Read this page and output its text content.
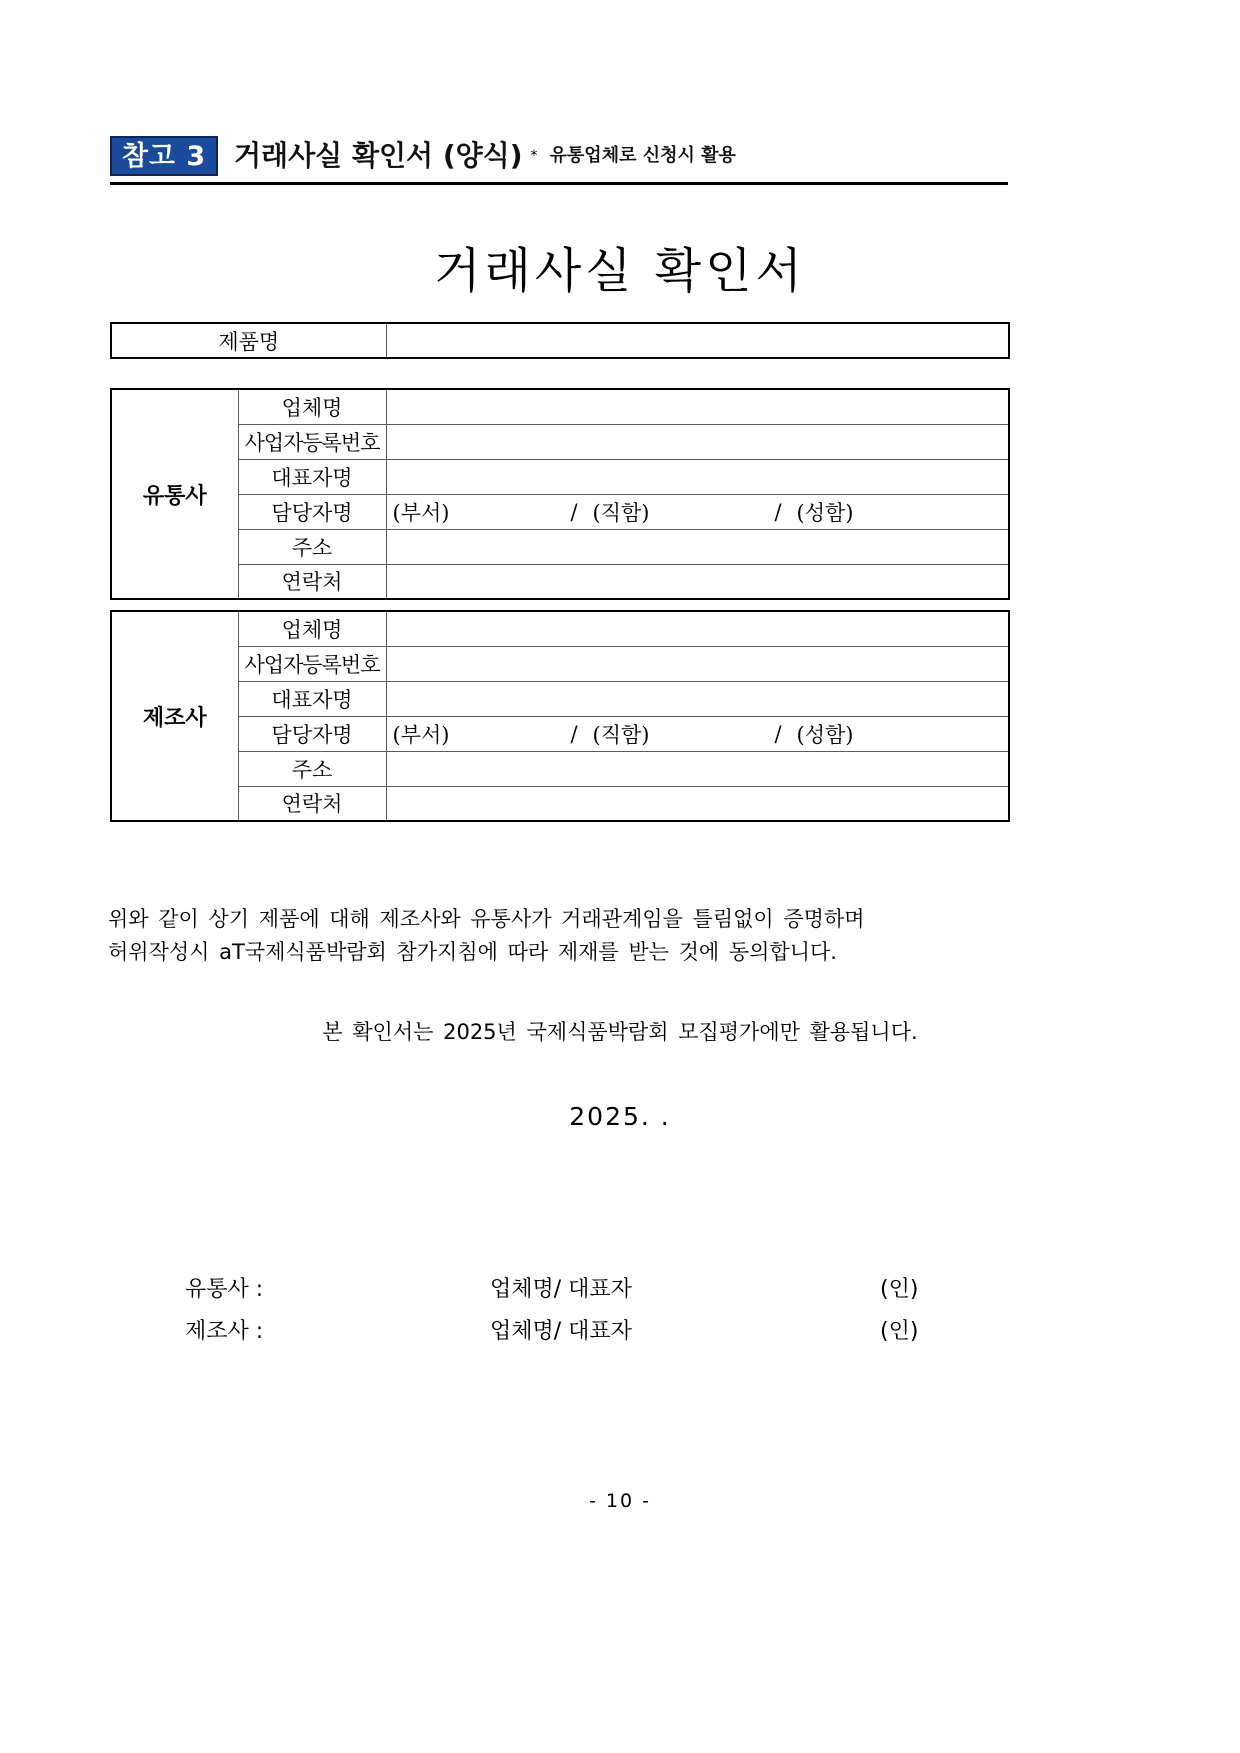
참고 3 거래사실 확인서 (양식) * 유통업체로 신청시 활용
거래사실 확인서
제품명	
유통사	업체명	
	사업자등록번호	
	대표자명	
	담당자명	(부서) / (직함) / (성함)

	주소	
	연락처	
제조사	업체명	
	사업자등록번호	
	대표자명	
	담당자명	(부서) / (직함) / (성함)

	주소	
	연락처	
위와 같이 상기 제품에 대해 제조사와 유통사가 거래관계임을 틀림없이 증명하며
허위작성시 aT국제식품박람회 참가지침에 따라 제재를 받는 것에 동의합니다.
본 확인서는 2025년 국제식품박람회 모집평가에만 활용됩니다.
2025. .
유통사 :	업체명/ 대표자	(인)
제조사 :	업체명/ 대표자	(인)
- 10 -
